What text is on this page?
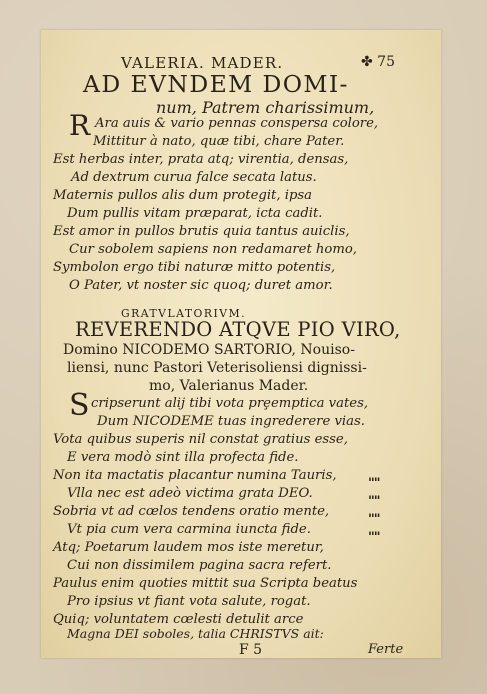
VALERIA. MADER.	✤ 75
AD EVNDEM DOMI-
num, Patrem charissimum,
R Ara auis & vario pennas conspersa colore,
Mittitur à nato, quæ tibi, chare Pater.
Est herbas inter, prata atq; virentia, densas,
Ad dextrum curua falce secata latus.
Maternis pullos alis dum protegit, ipsa
Dum pullis vitam præparat, icta cadit.
Est amor in pullos brutis quia tantus auiclis,
Cur sobolem sapiens non redamaret homo,
Symbolon ergo tibi naturæ mitto potentis,
O Pater, vt noster sic quoq; duret amor.
GRATVLATORIVM.
REVERENDO ATQVE PIO VIRO,
Domino NICODEMO SARTORIO, Nouiso-
liensi, nunc Pastori Veterisoliensi dignissi-
mo, Valerianus Mader.
S cripserunt alij tibi vota prȩemptica vates,
Dum NICODEME tuas ingrederere vias.
Vota quibus superis nil constat gratius esse,
E vera modò sint illa profecta fide.
Non ita mactatis placantur numina Tauris,
Vlla nec est adeò victima grata DEO.
Sobria vt ad cœlos tendens oratio mente,
Vt pia cum vera carmina iuncta fide.
Atq; Poetarum laudem mos iste meretur,
Cui non dissimilem pagina sacra refert.
Paulus enim quoties mittit sua Scripta beatus
Pro ipsius vt fiant vota salute, rogat.
Quiq; voluntatem cœlesti detulit arce
Magna DEI soboles, talia CHRISTVS ait:
""
""
""
""
F 5	Ferte
